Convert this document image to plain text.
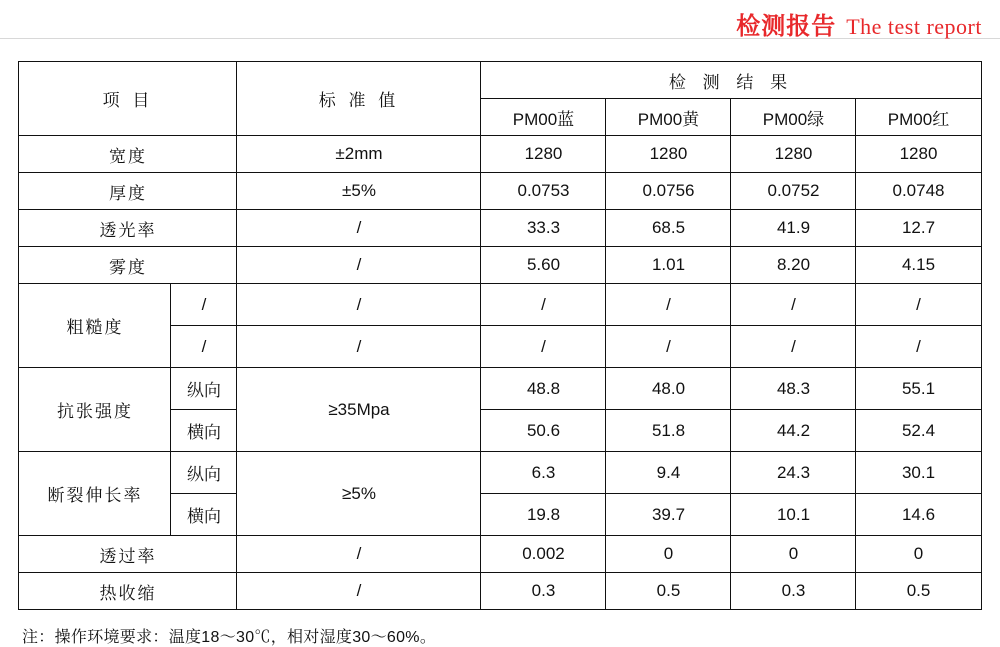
检测报告 The test report
项 目		标 准 值	检 测 结 果			
			PM00蓝	PM00黄	PM00绿	PM00红
宽度		±2mm	1280	1280	1280	1280
厚度		±5%	0.0753	0.0756	0.0752	0.0748
透光率		/	33.3	68.5	41.9	12.7
雾度		/	5.60	1.01	8.20	4.15
粗糙度	/	/	/	/	/	/
	/	/	/	/	/	/
抗张强度	纵向	≥35Mpa	48.8	48.0	48.3	55.1
	横向		50.6	51.8	44.2	52.4
断裂伸长率	纵向	≥5%	6.3	9.4	24.3	30.1
	横向		19.8	39.7	10.1	14.6
透过率		/	0.002	0	0	0
热收缩		/	0.3	0.5	0.3	0.5
注：操作环境要求：温度18～30℃，相对湿度30～60%。
